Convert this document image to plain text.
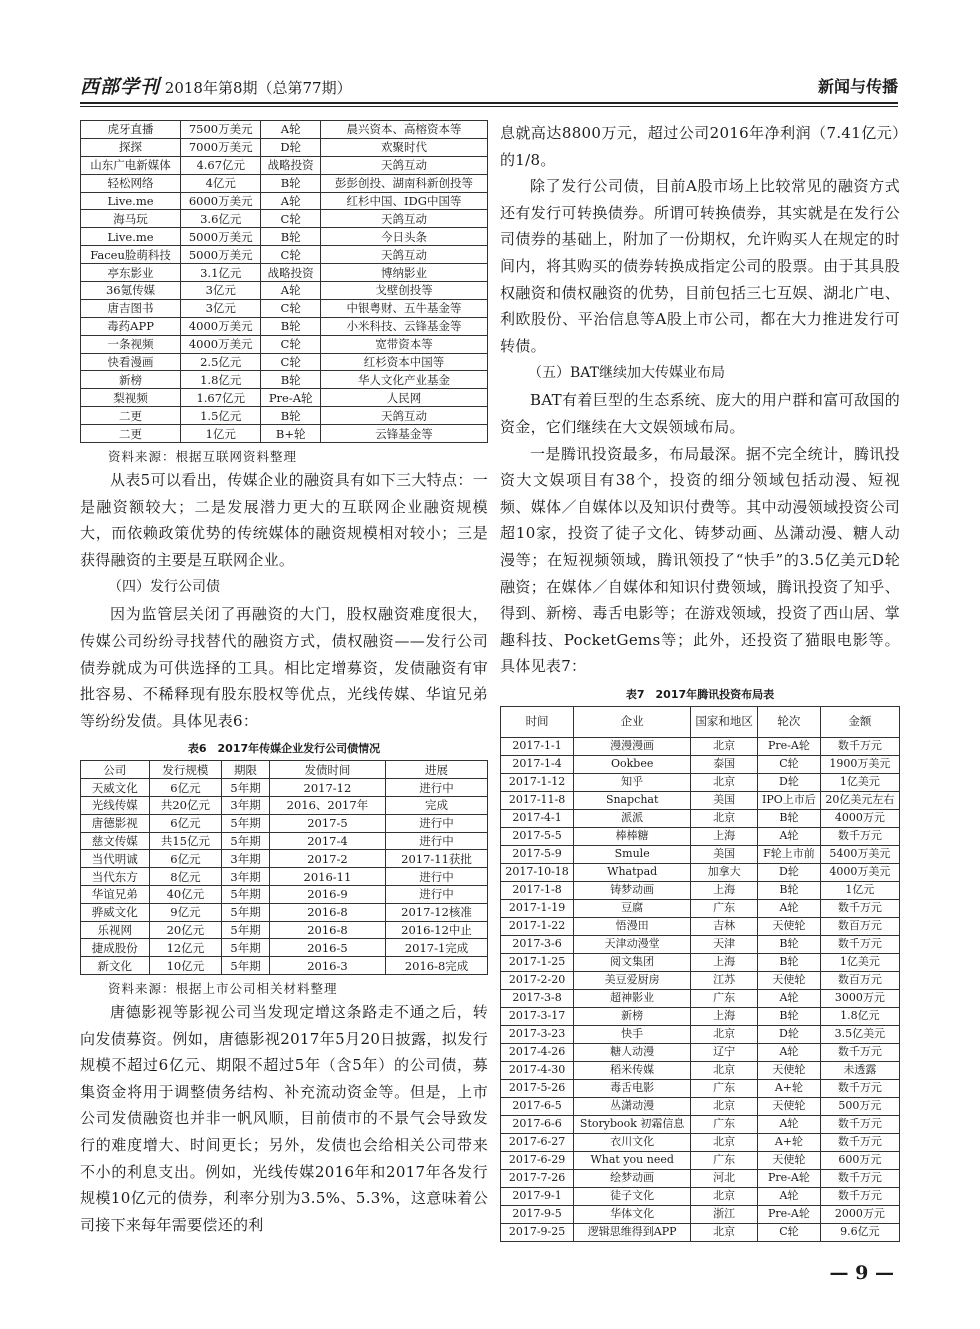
西部学刊 2018年第8期（总第77期）	新闻与传播
虎牙直播	7500万美元	A轮	晨兴资本、高榕资本等
探探	7000万美元	D轮	欢聚时代
山东广电新媒体	4.67亿元	战略投资	天鸽互动
轻松网络	4亿元	B轮	彭彭创投、湖南科新创投等
Live.me	6000万美元	A轮	红杉中国、IDG中国等
海马玩	3.6亿元	C轮	天鸽互动
Live.me	5000万美元	B轮	今日头条
Faceu脸萌科技	5000万美元	C轮	天鸽互动
亭东影业	3.1亿元	战略投资	博纳影业
36氪传媒	3亿元	A轮	戈壁创投等
唐吉图书	3亿元	C轮	中银粤财、五牛基金等
毒药APP	4000万美元	B轮	小米科技、云锋基金等
一条视频	4000万美元	C轮	宽带资本等
快看漫画	2.5亿元	C轮	红杉资本中国等
新榜	1.8亿元	B轮	华人文化产业基金
梨视频	1.67亿元	Pre-A轮	人民网
二更	1.5亿元	B轮	天鸽互动
二更	1亿元	B+轮	云锋基金等
资料来源：根据互联网资料整理

从表5可以看出，传媒企业的融资具有如下三大特点：一是融资额较大；二是发展潜力更大的互联网企业融资规模大，而依赖政策优势的传统媒体的融资规模相对较小；三是获得融资的主要是互联网企业。

（四）发行公司债

因为监管层关闭了再融资的大门，股权融资难度很大，传媒公司纷纷寻找替代的融资方式，债权融资——发行公司债券就成为可供选择的工具。相比定增募资，发债融资有审批容易、不稀释现有股东股权等优点，光线传媒、华谊兄弟等纷纷发债。具体见表6：

表6　2017年传媒企业发行公司债情况
公司	发行规模	期限	发债时间	进展
天威文化	6亿元	5年期	2017-12	进行中
光线传媒	共20亿元	3年期	2016、2017年	完成
唐德影视	6亿元	5年期	2017-5	进行中
慈文传媒	共15亿元	5年期	2017-4	进行中
当代明诚	6亿元	3年期	2017-2	2017-11获批
当代东方	8亿元	3年期	2016-11	进行中
华谊兄弟	40亿元	5年期	2016-9	进行中
骅威文化	9亿元	5年期	2016-8	2017-12核准
乐视网	20亿元	5年期	2016-8	2016-12中止
捷成股份	12亿元	5年期	2016-5	2017-1完成
新文化	10亿元	5年期	2016-3	2016-8完成
资料来源：根据上市公司相关材料整理

唐德影视等影视公司当发现定增这条路走不通之后，转向发债募资。例如，唐德影视2017年5月20日披露，拟发行规模不超过6亿元、期限不超过5年（含5年）的公司债，募集资金将用于调整债务结构、补充流动资金等。但是，上市公司发债融资也并非一帆风顺，目前债市的不景气会导致发行的难度增大、时间更长；另外，发债也会给相关公司带来不小的利息支出。例如，光线传媒2016年和2017年各发行规模10亿元的债券，利率分别为3.5%、5.3%，这意味着公司接下来每年需要偿还的利

息就高达8800万元，超过公司2016年净利润（7.41亿元）的1/8。

除了发行公司债，目前A股市场上比较常见的融资方式还有发行可转换债券。所谓可转换债券，其实就是在发行公司债券的基础上，附加了一份期权，允许购买人在规定的时间内，将其购买的债券转换成指定公司的股票。由于其具股权融资和债权融资的优势，目前包括三七互娱、湖北广电、利欧股份、平治信息等A股上市公司，都在大力推进发行可转债。

（五）BAT继续加大传媒业布局

BAT有着巨型的生态系统、庞大的用户群和富可敌国的资金，它们继续在大文娱领域布局。

一是腾讯投资最多，布局最深。据不完全统计，腾讯投资大文娱项目有38个，投资的细分领域包括动漫、短视频、媒体／自媒体以及知识付费等。其中动漫领域投资公司超10家，投资了徒子文化、铸梦动画、丛潇动漫、糖人动漫等；在短视频领域，腾讯领投了“快手”的3.5亿美元D轮融资；在媒体／自媒体和知识付费领域，腾讯投资了知乎、得到、新榜、毒舌电影等；在游戏领域，投资了西山居、掌趣科技、PocketGems等；此外，还投资了猫眼电影等。具体见表7：

表7　2017年腾讯投资布局表
时间	企业	国家和地区	轮次	金额
2017-1-1	漫漫漫画	北京	Pre-A轮	数千万元
2017-1-4	Ookbee	泰国	C轮	1900万美元
2017-1-12	知乎	北京	D轮	1亿美元
2017-11-8	Snapchat	美国	IPO上市后	20亿美元左右
2017-4-1	派派	北京	B轮	4000万元
2017-5-5	棒棒糖	上海	A轮	数千万元
2017-5-9	Smule	美国	F轮上市前	5400万美元
2017-10-18	Whatpad	加拿大	D轮	4000万美元
2017-1-8	铸梦动画	上海	B轮	1亿元
2017-1-19	豆腐	广东	A轮	数千万元
2017-1-22	悟漫田	吉林	天使轮	数百万元
2017-3-6	天津动漫堂	天津	B轮	数千万元
2017-1-25	阅文集团	上海	B轮	1亿美元
2017-2-20	美豆爱厨房	江苏	天使轮	数百万元
2017-3-8	超神影业	广东	A轮	3000万元
2017-3-17	新榜	上海	B轮	1.8亿元
2017-3-23	快手	北京	D轮	3.5亿美元
2017-4-26	糖人动漫	辽宁	A轮	数千万元
2017-4-30	稻米传媒	北京	天使轮	未透露
2017-5-26	毒舌电影	广东	A+轮	数千万元
2017-6-5	丛潇动漫	北京	天使轮	500万元
2017-6-6	Storybook 初霜信息	广东	A轮	数千万元
2017-6-27	衣川文化	北京	A+轮	数千万元
2017-6-29	What you need	广东	天使轮	600万元
2017-7-26	绘梦动画	河北	Pre-A轮	数千万元
2017-9-1	徒子文化	北京	A轮	数千万元
2017-9-5	华体文化	浙江	Pre-A轮	2000万元
2017-9-25	逻辑思维得到APP	北京	C轮	9.6亿元
— 9 —
